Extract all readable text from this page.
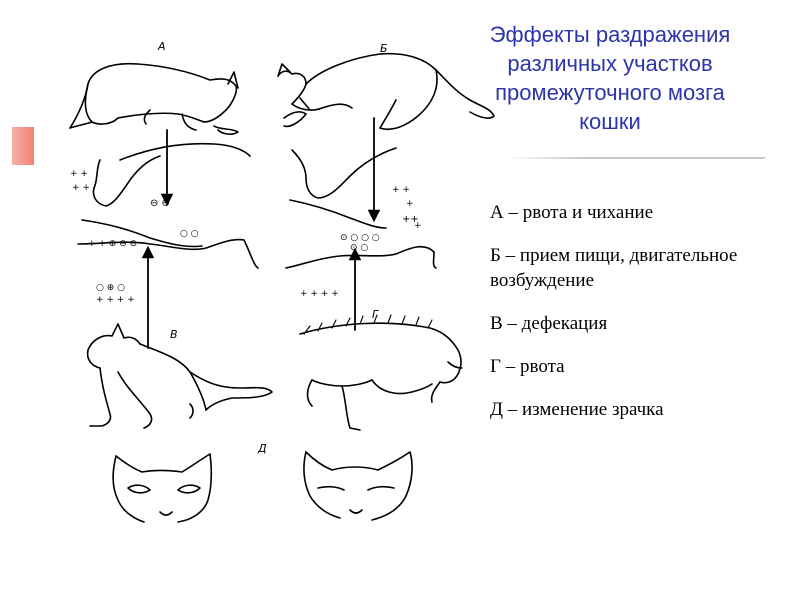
Эффекты раздражения
различных участков
промежуточного мозга
кошки
А – рвота и чихание
Б – прием пищи, двигательное возбуждение
В – дефекация
Г – рвота
Д – изменение зрачка
А	Б
В
Г
Д
+ +
+ +
+ + ⊕ ⊖ ⊖
○ ○
⊖ ⊖
○ ⊕ ○
+ + + +
+ +
+
++
⊙ ○ ○ ○
⊙ ○
+ + + +
+
